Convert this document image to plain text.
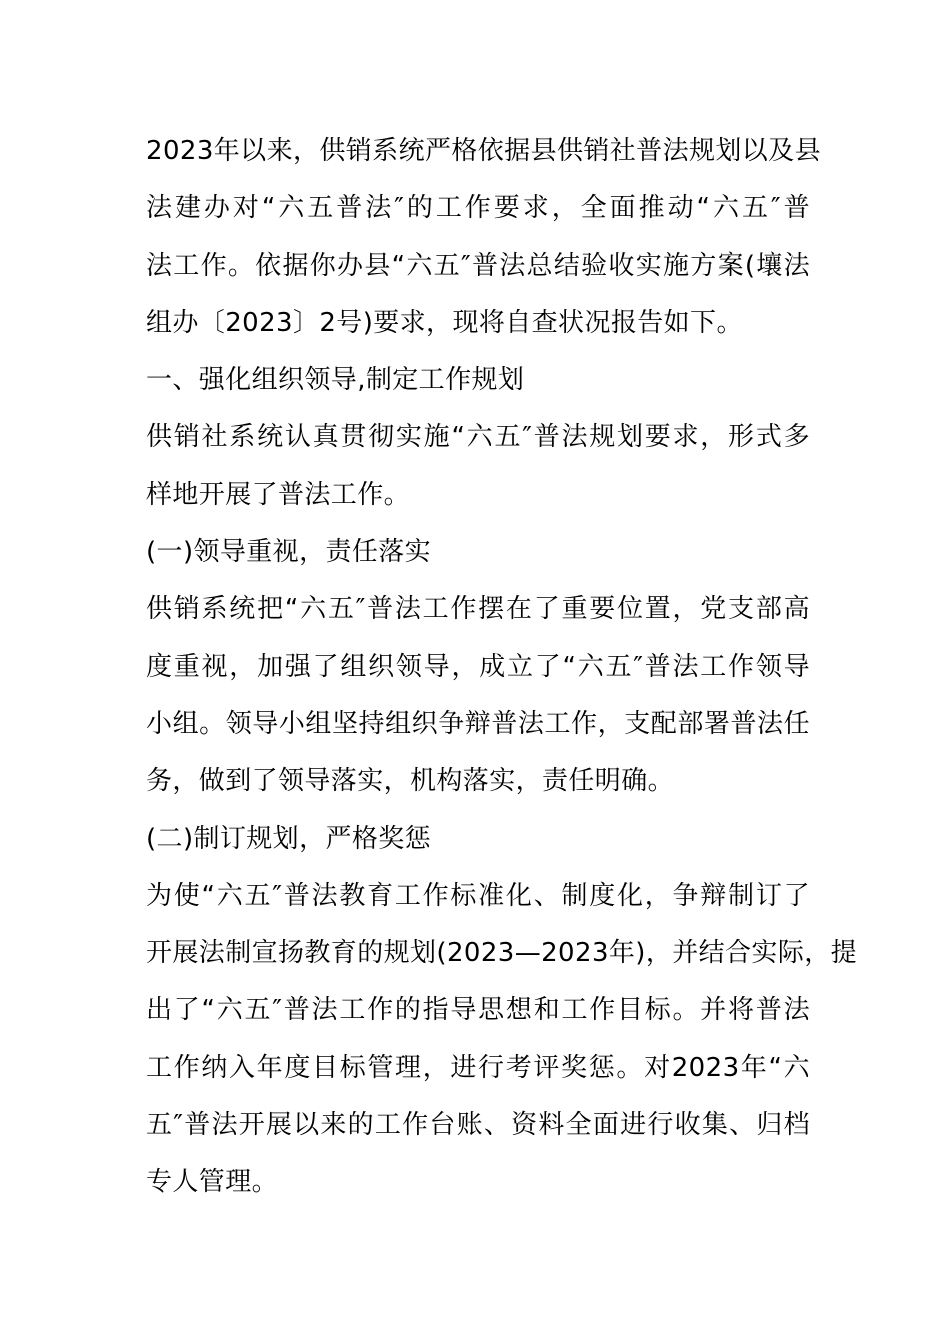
2023年以来，供销系统严格依据县供销社普法规划以及县
法建办对“六五普法″的工作要求，全面推动“六五″普
法工作。依据你办县“六五″普法总结验收实施方案(壤法
组办〔2023〕2号)要求，现将自查状况报告如下。
一、强化组织领导,制定工作规划
供销社系统认真贯彻实施“六五″普法规划要求，形式多
样地开展了普法工作。
(一)领导重视，责任落实
供销系统把“六五″普法工作摆在了重要位置，党支部高
度重视，加强了组织领导，成立了“六五″普法工作领导
小组。领导小组坚持组织争辩普法工作，支配部署普法任
务，做到了领导落实，机构落实，责任明确。
(二)制订规划，严格奖惩
为使“六五″普法教育工作标准化、制度化，争辩制订了
开展法制宣扬教育的规划(2023—2023年)，并结合实际，提
出了“六五″普法工作的指导思想和工作目标。并将普法
工作纳入年度目标管理，进行考评奖惩。对2023年“六
五″普法开展以来的工作台账、资料全面进行收集、归档
专人管理。
